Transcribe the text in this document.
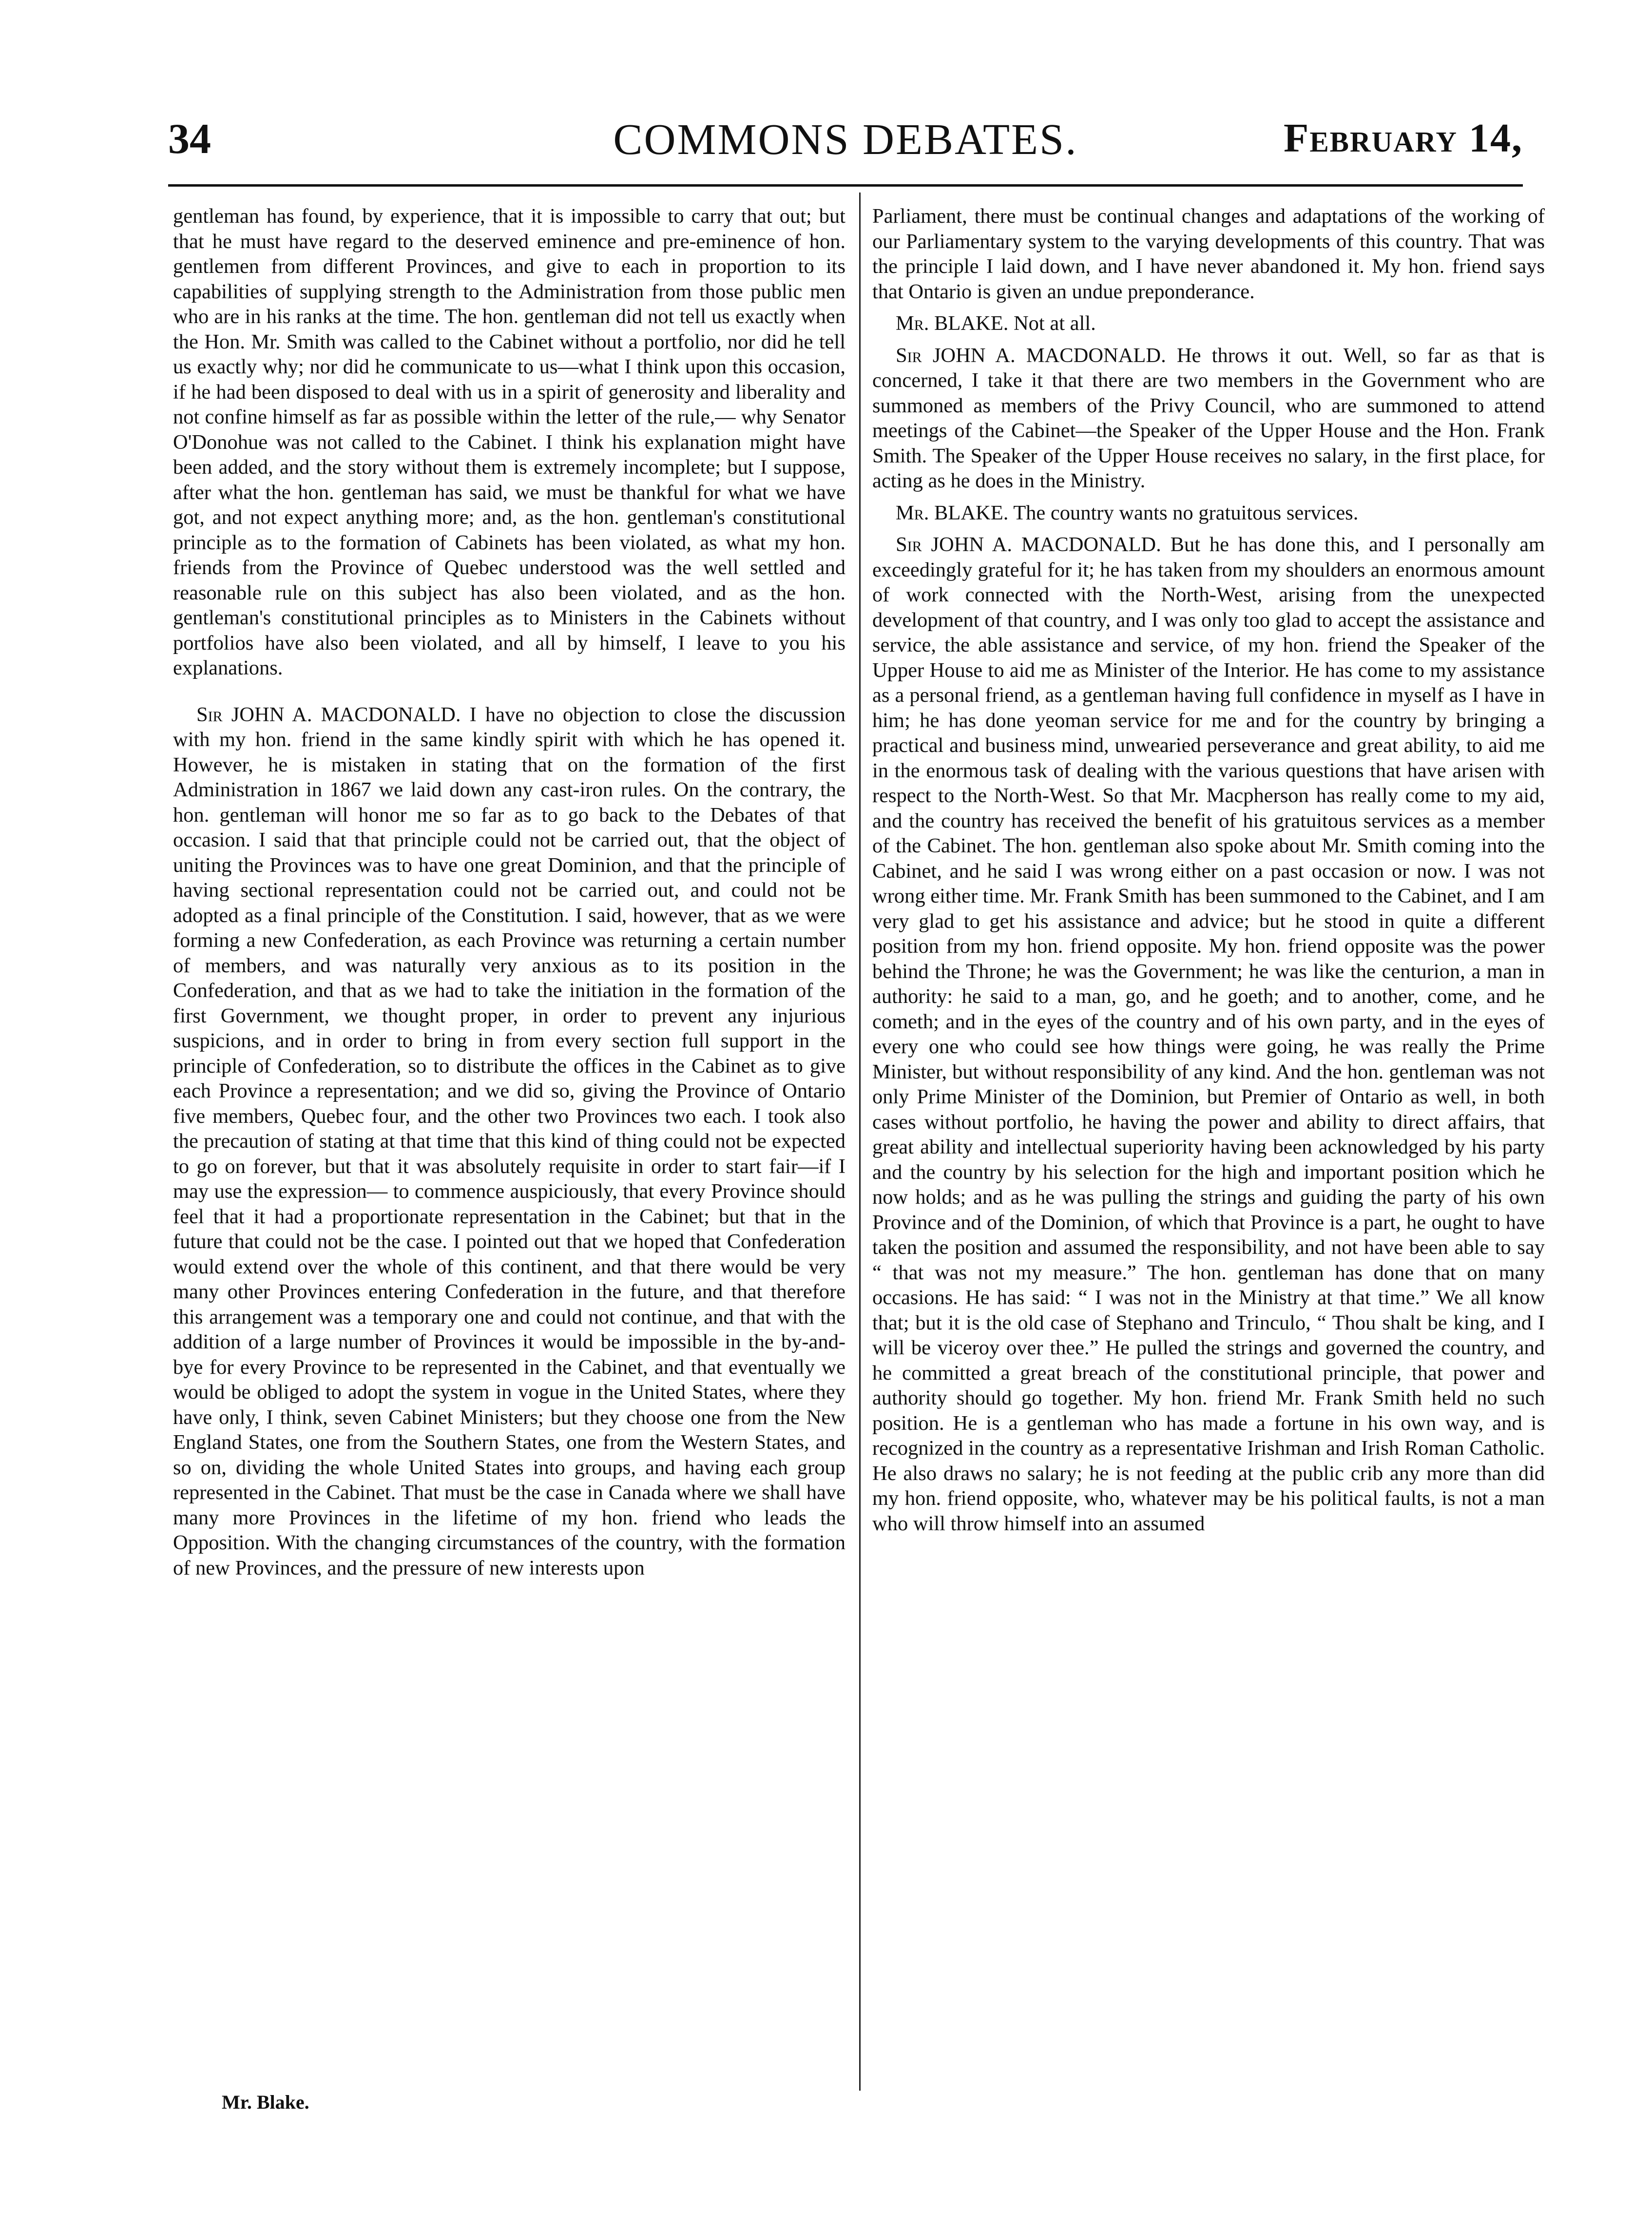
34	COMMONS DEBATES.	February 14,

gentleman has found, by experience, that it is impossible to carry that out; but that he must have regard to the deserved eminence and pre-eminence of hon. gentlemen from different Provinces, and give to each in proportion to its capabilities of supplying strength to the Administration from those public men who are in his ranks at the time. The hon. gentleman did not tell us exactly when the Hon. Mr. Smith was called to the Cabinet without a portfolio, nor did he tell us exactly why; nor did he communicate to us—what I think upon this occasion, if he had been disposed to deal with us in a spirit of generosity and liberality and not confine himself as far as possible within the letter of the rule,— why Senator O'Donohue was not called to the Cabinet. I think his explanation might have been added, and the story without them is extremely incomplete; but I suppose, after what the hon. gentleman has said, we must be thankful for what we have got, and not expect anything more; and, as the hon. gentleman's constitutional principle as to the formation of Cabinets has been violated, as what my hon. friends from the Province of Quebec understood was the well settled and reasonable rule on this subject has also been violated, and as the hon. gentleman's constitutional principles as to Ministers in the Cabinets without portfolios have also been violated, and all by himself, I leave to you his explanations.

Sir JOHN A. MACDONALD. I have no objection to close the discussion with my hon. friend in the same kindly spirit with which he has opened it. However, he is mistaken in stating that on the formation of the first Administration in 1867 we laid down any cast-iron rules. On the contrary, the hon. gentleman will honor me so far as to go back to the Debates of that occasion. I said that that principle could not be carried out, that the object of uniting the Provinces was to have one great Dominion, and that the principle of having sectional representation could not be carried out, and could not be adopted as a final principle of the Constitution. I said, however, that as we were forming a new Confederation, as each Province was returning a certain number of members, and was naturally very anxious as to its position in the Confederation, and that as we had to take the initiation in the formation of the first Government, we thought proper, in order to prevent any injurious suspicions, and in order to bring in from every section full support in the principle of Confederation, so to distribute the offices in the Cabinet as to give each Province a representation; and we did so, giving the Province of Ontario five members, Quebec four, and the other two Provinces two each. I took also the precaution of stating at that time that this kind of thing could not be expected to go on forever, but that it was absolutely requisite in order to start fair—if I may use the expression— to commence auspiciously, that every Province should feel that it had a proportionate representation in the Cabinet; but that in the future that could not be the case. I pointed out that we hoped that Confederation would extend over the whole of this continent, and that there would be very many other Provinces entering Confederation in the future, and that therefore this arrangement was a temporary one and could not continue, and that with the addition of a large number of Provinces it would be impossible in the by-and-bye for every Province to be represented in the Cabinet, and that eventually we would be obliged to adopt the system in vogue in the United States, where they have only, I think, seven Cabinet Ministers; but they choose one from the New England States, one from the Southern States, one from the Western States, and so on, dividing the whole United States into groups, and having each group represented in the Cabinet. That must be the case in Canada where we shall have many more Provinces in the lifetime of my hon. friend who leads the Opposition. With the changing circumstances of the country, with the formation of new Provinces, and the pressure of new interests upon

Parliament, there must be continual changes and adaptations of the working of our Parliamentary system to the varying developments of this country. That was the principle I laid down, and I have never abandoned it. My hon. friend says that Ontario is given an undue preponderance.

Mr. BLAKE. Not at all.

Sir JOHN A. MACDONALD. He throws it out. Well, so far as that is concerned, I take it that there are two members in the Government who are summoned as members of the Privy Council, who are summoned to attend meetings of the Cabinet—the Speaker of the Upper House and the Hon. Frank Smith. The Speaker of the Upper House receives no salary, in the first place, for acting as he does in the Ministry.

Mr. BLAKE. The country wants no gratuitous services.

Sir JOHN A. MACDONALD. But he has done this, and I personally am exceedingly grateful for it; he has taken from my shoulders an enormous amount of work connected with the North-West, arising from the unexpected development of that country, and I was only too glad to accept the assistance and service, the able assistance and service, of my hon. friend the Speaker of the Upper House to aid me as Minister of the Interior. He has come to my assistance as a personal friend, as a gentleman having full confidence in myself as I have in him; he has done yeoman service for me and for the country by bringing a practical and business mind, unwearied perseverance and great ability, to aid me in the enormous task of dealing with the various questions that have arisen with respect to the North-West. So that Mr. Macpherson has really come to my aid, and the country has received the benefit of his gratuitous services as a member of the Cabinet. The hon. gentleman also spoke about Mr. Smith coming into the Cabinet, and he said I was wrong either on a past occasion or now. I was not wrong either time. Mr. Frank Smith has been summoned to the Cabinet, and I am very glad to get his assistance and advice; but he stood in quite a different position from my hon. friend opposite. My hon. friend opposite was the power behind the Throne; he was the Government; he was like the centurion, a man in authority: he said to a man, go, and he goeth; and to another, come, and he cometh; and in the eyes of the country and of his own party, and in the eyes of every one who could see how things were going, he was really the Prime Minister, but without responsibility of any kind. And the hon. gentleman was not only Prime Minister of the Dominion, but Premier of Ontario as well, in both cases without portfolio, he having the power and ability to direct affairs, that great ability and intellectual superiority having been acknowledged by his party and the country by his selection for the high and important position which he now holds; and as he was pulling the strings and guiding the party of his own Province and of the Dominion, of which that Province is a part, he ought to have taken the position and assumed the responsibility, and not have been able to say “ that was not my measure.” The hon. gentleman has done that on many occasions. He has said: “ I was not in the Ministry at that time.” We all know that; but it is the old case of Stephano and Trinculo, “ Thou shalt be king, and I will be viceroy over thee.” He pulled the strings and governed the country, and he committed a great breach of the constitutional principle, that power and authority should go together. My hon. friend Mr. Frank Smith held no such position. He is a gentleman who has made a fortune in his own way, and is recognized in the country as a representative Irishman and Irish Roman Catholic. He also draws no salary; he is not feeding at the public crib any more than did my hon. friend opposite, who, whatever may be his political faults, is not a man who will throw himself into an assumed

Mr. Blake.
